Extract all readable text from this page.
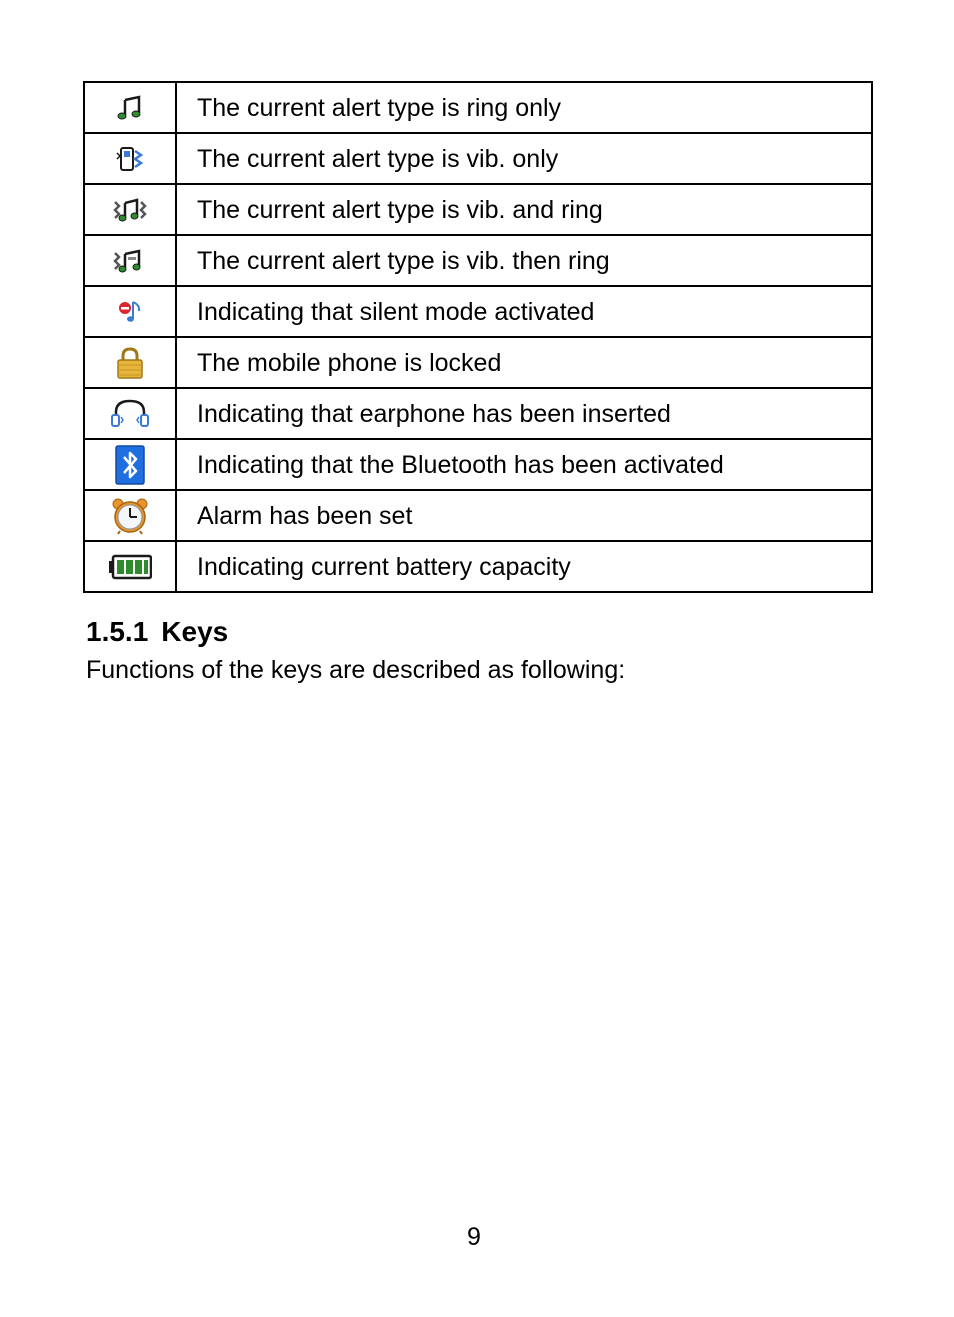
	The current alert type is ring only

	The current alert type is vib. only

	The current alert type is vib. and ring

	The current alert type is vib. then ring

	Indicating that silent mode activated

	The mobile phone is locked

	Indicating that earphone has been inserted

	Indicating that the Bluetooth has been activated

	Alarm has been set

	Indicating current battery capacity
1.5.1 Keys

Functions of the keys are described as following:

9
